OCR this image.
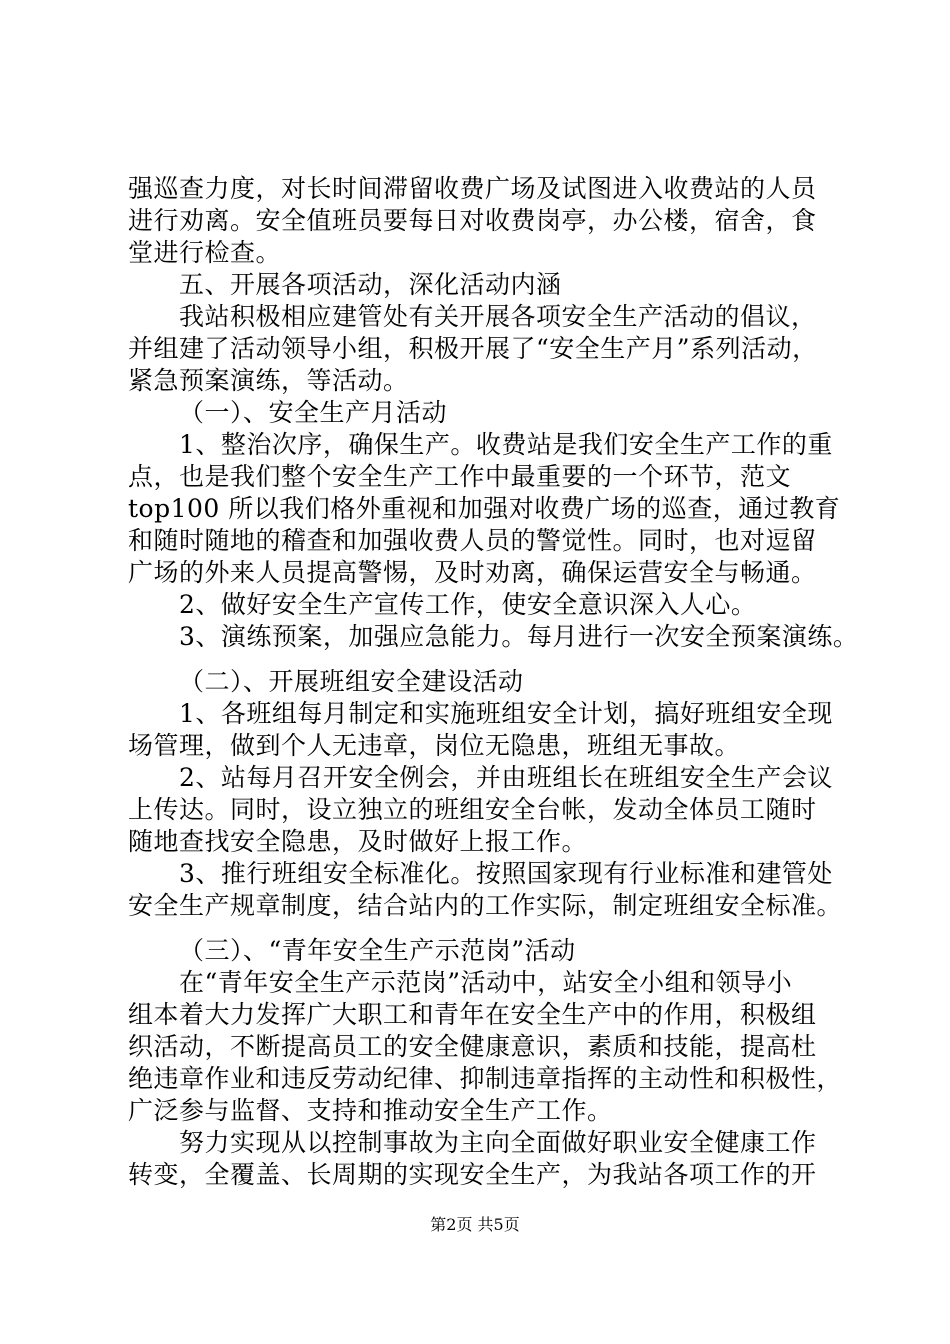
强巡查力度，对长时间滞留收费广场及试图进入收费站的人员
进行劝离。安全值班员要每日对收费岗亭，办公楼，宿舍，食
堂进行检查。
五、开展各项活动，深化活动内涵
我站积极相应建管处有关开展各项安全生产活动的倡议，
并组建了活动领导小组，积极开展了“安全生产月”系列活动，
紧急预案演练，等活动。
（一）、安全生产月活动
1、整治次序，确保生产。收费站是我们安全生产工作的重
点，也是我们整个安全生产工作中最重要的一个环节，范文
top100 所以我们格外重视和加强对收费广场的巡查，通过教育
和随时随地的稽查和加强收费人员的警觉性。同时，也对逗留
广场的外来人员提高警惕，及时劝离，确保运营安全与畅通。
2、做好安全生产宣传工作，使安全意识深入人心。
3、演练预案，加强应急能力。每月进行一次安全预案演练。
（二）、开展班组安全建设活动
1、各班组每月制定和实施班组安全计划，搞好班组安全现
场管理，做到个人无违章，岗位无隐患，班组无事故。
2、站每月召开安全例会，并由班组长在班组安全生产会议
上传达。同时，设立独立的班组安全台帐，发动全体员工随时
随地查找安全隐患，及时做好上报工作。
3、推行班组安全标准化。按照国家现有行业标准和建管处
安全生产规章制度，结合站内的工作实际，制定班组安全标准。
（三）、“青年安全生产示范岗”活动
在“青年安全生产示范岗”活动中，站安全小组和领导小
组本着大力发挥广大职工和青年在安全生产中的作用，积极组
织活动，不断提高员工的安全健康意识，素质和技能，提高杜
绝违章作业和违反劳动纪律、抑制违章指挥的主动性和积极性，
广泛参与监督、支持和推动安全生产工作。
努力实现从以控制事故为主向全面做好职业安全健康工作
转变，全覆盖、长周期的实现安全生产，为我站各项工作的开
第2页 共5页
